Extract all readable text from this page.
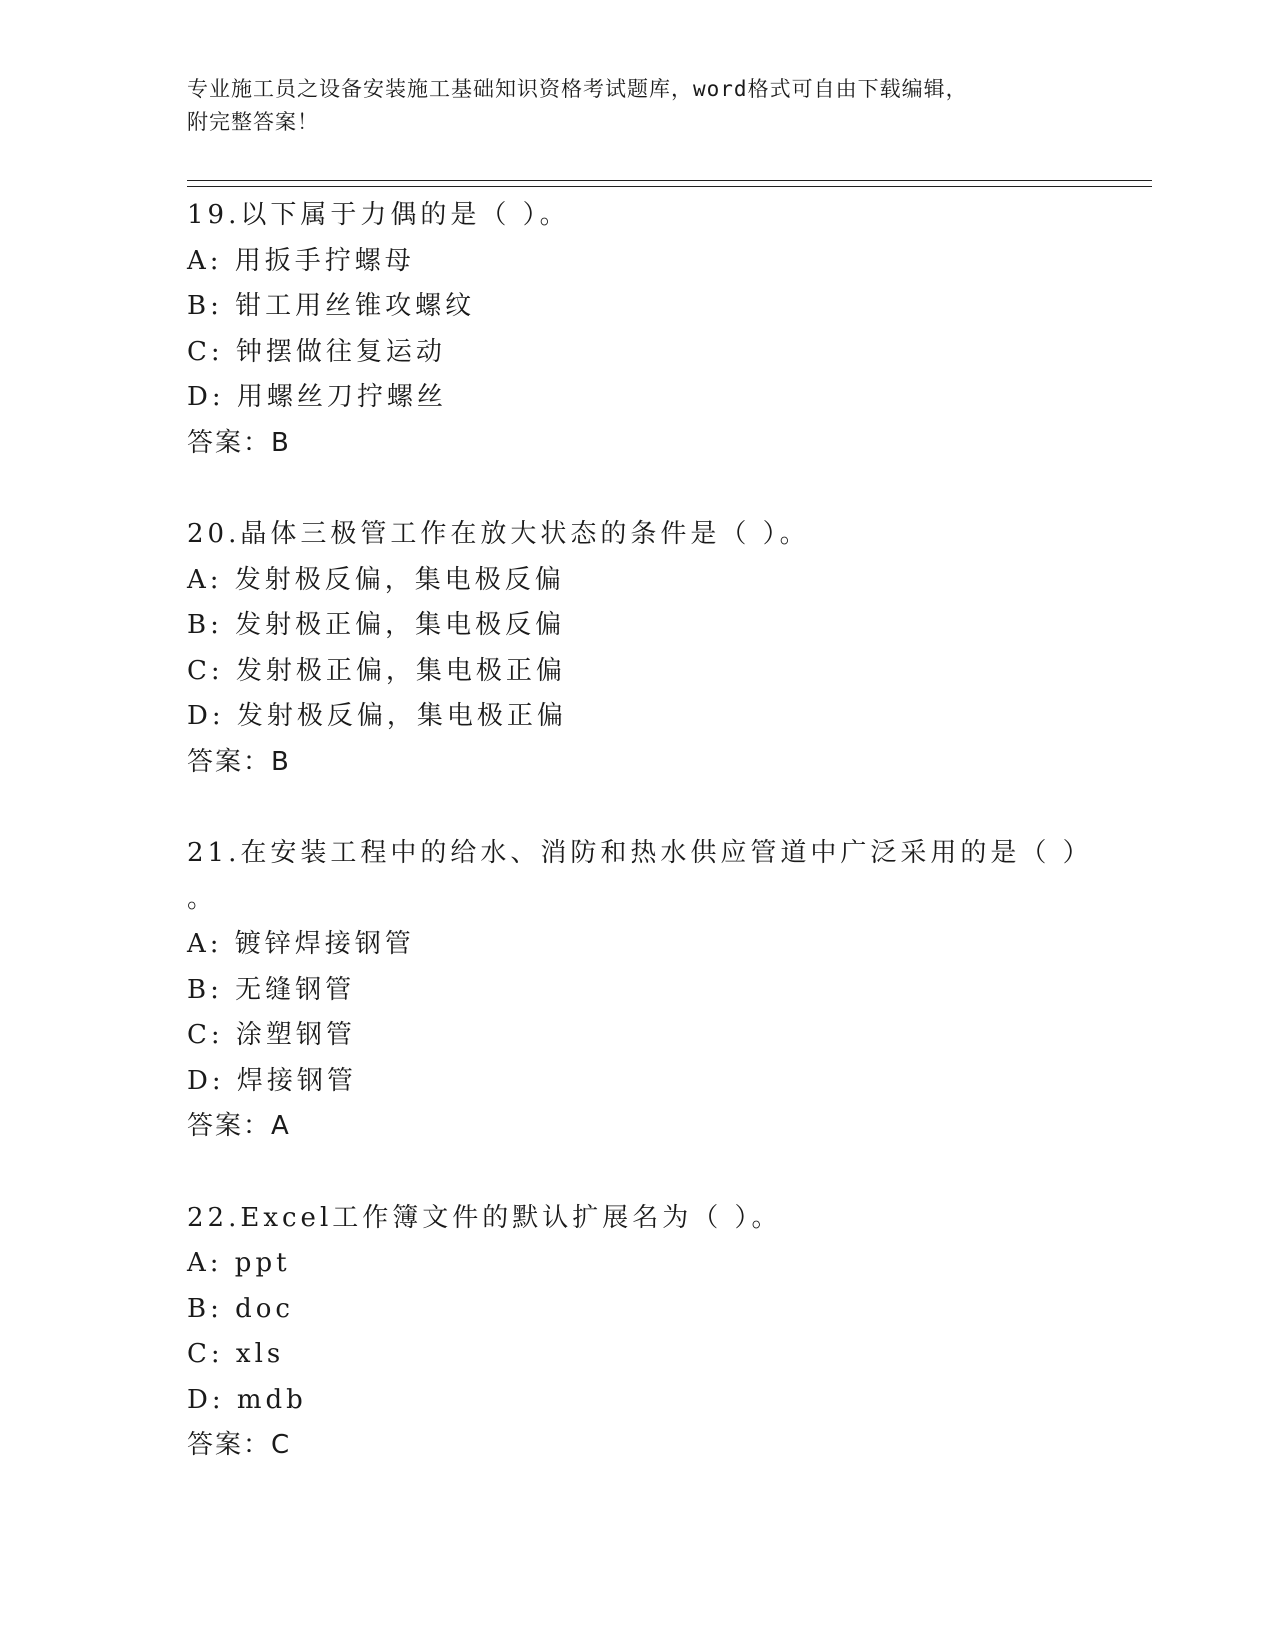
专业施工员之设备安装施工基础知识资格考试题库，word格式可自由下载编辑，
附完整答案！
19.以下属于力偶的是（ ）。
A: 用扳手拧螺母
B: 钳工用丝锥攻螺纹
C: 钟摆做往复运动
D: 用螺丝刀拧螺丝
答案：B
20.晶体三极管工作在放大状态的条件是（ ）。
A: 发射极反偏，集电极反偏
B: 发射极正偏，集电极反偏
C: 发射极正偏，集电极正偏
D: 发射极反偏，集电极正偏
答案：B
21.在安装工程中的给水、消防和热水供应管道中广泛采用的是（ ）
。
A: 镀锌焊接钢管
B: 无缝钢管
C: 涂塑钢管
D: 焊接钢管
答案：A
22.Excel工作簿文件的默认扩展名为（ ）。
A: ppt
B: doc
C: xls
D: mdb
答案：C
